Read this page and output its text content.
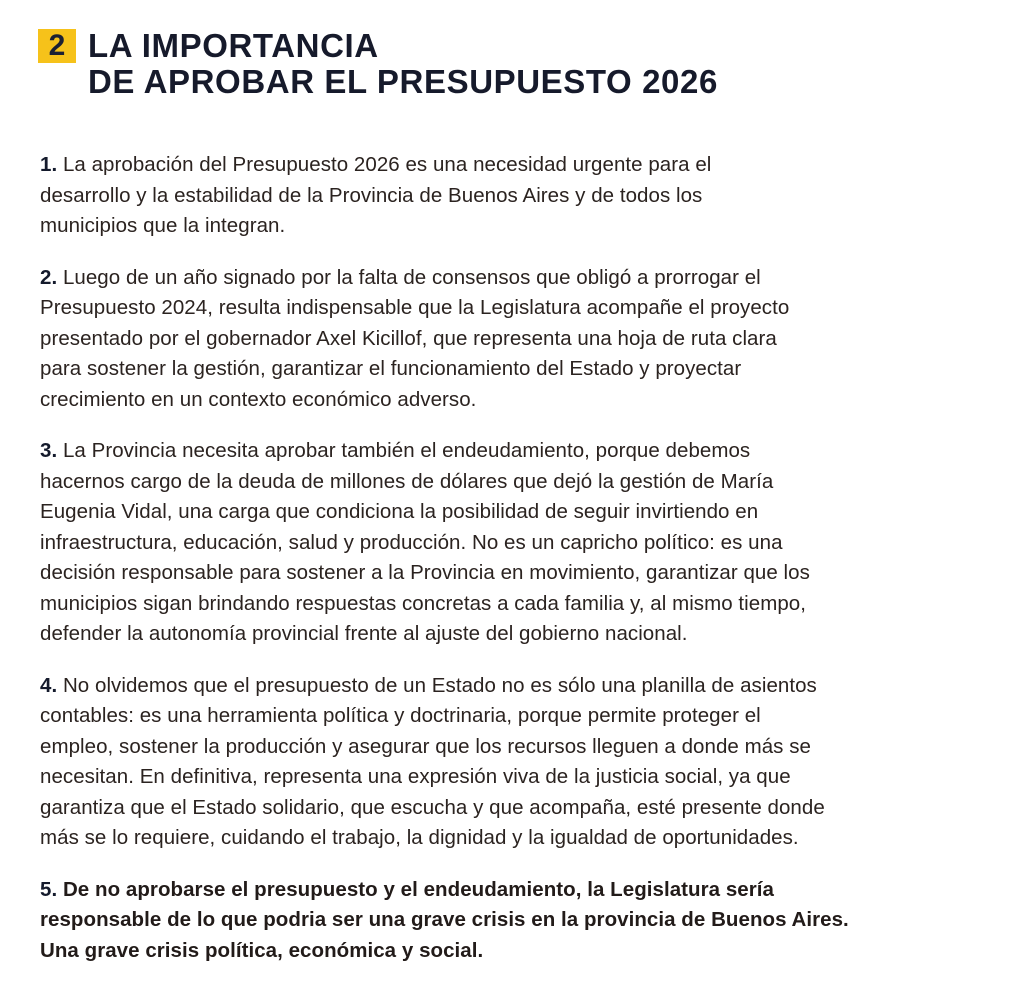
2 LA IMPORTANCIA
DE APROBAR EL PRESUPUESTO 2026

1. La aprobación del Presupuesto 2026 es una necesidad urgente para el
desarrollo y la estabilidad de la Provincia de Buenos Aires y de todos los
municipios que la integran.

2. Luego de un año signado por la falta de consensos que obligó a prorrogar el
Presupuesto 2024, resulta indispensable que la Legislatura acompañe el proyecto
presentado por el gobernador Axel Kicillof, que representa una hoja de ruta clara
para sostener la gestión, garantizar el funcionamiento del Estado y proyectar
crecimiento en un contexto económico adverso.

3. La Provincia necesita aprobar también el endeudamiento, porque debemos
hacernos cargo de la deuda de millones de dólares que dejó la gestión de María
Eugenia Vidal, una carga que condiciona la posibilidad de seguir invirtiendo en
infraestructura, educación, salud y producción. No es un capricho político: es una
decisión responsable para sostener a la Provincia en movimiento, garantizar que los
municipios sigan brindando respuestas concretas a cada familia y, al mismo tiempo,
defender la autonomía provincial frente al ajuste del gobierno nacional.

4. No olvidemos que el presupuesto de un Estado no es sólo una planilla de asientos
contables: es una herramienta política y doctrinaria, porque permite proteger el
empleo, sostener la producción y asegurar que los recursos lleguen a donde más se
necesitan. En definitiva, representa una expresión viva de la justicia social, ya que
garantiza que el Estado solidario, que escucha y que acompaña, esté presente donde
más se lo requiere, cuidando el trabajo, la dignidad y la igualdad de oportunidades.

5. De no aprobarse el presupuesto y el endeudamiento, la Legislatura sería
responsable de lo que podria ser una grave crisis en la provincia de Buenos Aires.
Una grave crisis política, económica y social.
